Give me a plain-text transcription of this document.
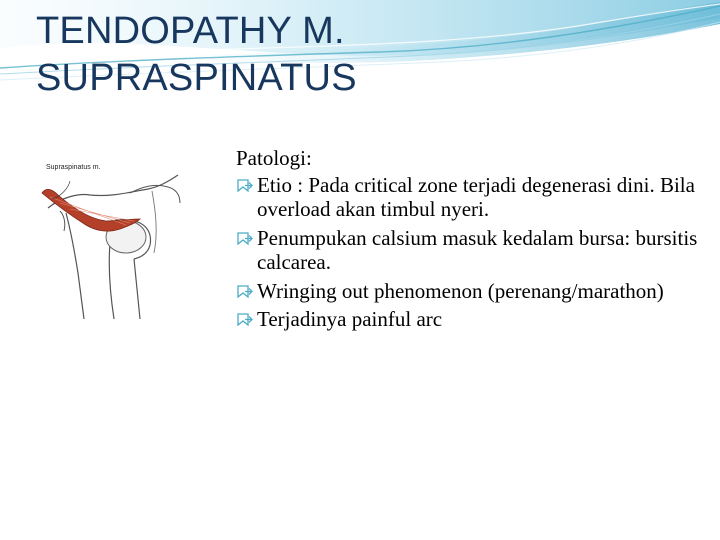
TENDOPATHY M.
SUPRASPINATUS
Supraspinatus m.	Patologi:

Etio : Pada critical zone terjadi degenerasi dini. Bila overload akan timbul nyeri.
Penumpukan calsium masuk kedalam bursa: bursitis calcarea.
Wringing out phenomenon (perenang/marathon)
Terjadinya painful arc
